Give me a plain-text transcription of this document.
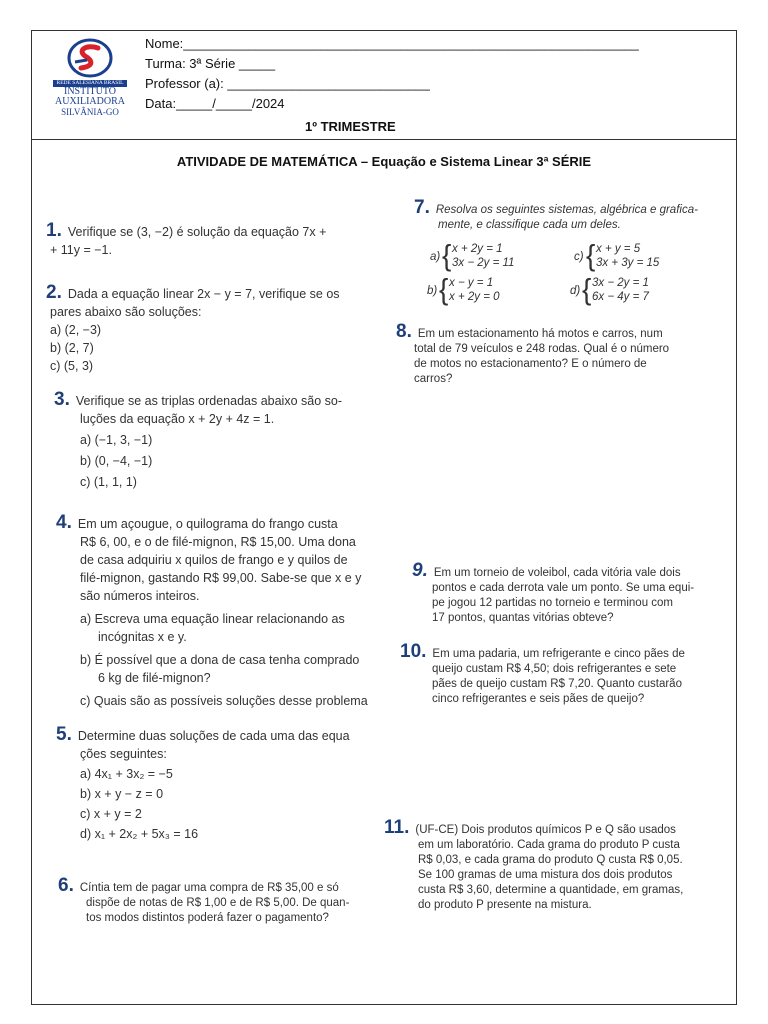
REDE SALESIANA BRASIL
INSTITUTO
AUXILIADORA
SILVÂNIA-GO
Nome:_______________________________________________________________
Turma: 3ª Série _____
Professor (a): ____________________________
Data:_____/_____/2024
1º TRIMESTRE
ATIVIDADE DE MATEMÁTICA – Equação e Sistema Linear 3ª SÉRIE
1. Verifique se (3, −2) é solução da equação 7x +
+ 11y = −1.
2. Dada a equação linear 2x − y = 7, verifique se os
pares abaixo são soluções:
a) (2, −3)
b) (2, 7)
c) (5, 3)
3. Verifique se as triplas ordenadas abaixo são so-
luções da equação x + 2y + 4z = 1.
a) (−1, 3, −1)
b) (0, −4, −1)
c) (1, 1, 1)
4. Em um açougue, o quilograma do frango custa
R$ 6, 00, e o de filé-mignon, R$ 15,00. Uma dona
de casa adquiriu x quilos de frango e y quilos de
filé-mignon, gastando R$ 99,00. Sabe-se que x e y
são números inteiros.
a) Escreva uma equação linear relacionando as
incógnitas x e y.
b) É possível que a dona de casa tenha comprado
6 kg de filé-mignon?
c) Quais são as possíveis soluções desse problema
5. Determine duas soluções de cada uma das equa
ções seguintes:
a) 4x₁ + 3x₂ = −5
b) x + y − z = 0
c) x + y = 2
d) x₁ + 2x₂ + 5x₃ = 16
6. Cíntia tem de pagar uma compra de R$ 35,00 e só
dispõe de notas de R$ 1,00 e de R$ 5,00. De quan-
tos modos distintos poderá fazer o pagamento?
7. Resolva os seguintes sistemas, algébrica e grafica-
mente, e classifique cada um deles.
a) { x + 2y = 1
3x − 2y = 11	c) { x + y = 5
3x + 3y = 15
b) { x − y = 1
x + 2y = 0	d) { 3x − 2y = 1
6x − 4y = 7
8. Em um estacionamento há motos e carros, num
total de 79 veículos e 248 rodas. Qual é o número
de motos no estacionamento? E o número de
carros?
9. Em um torneio de voleibol, cada vitória vale dois
pontos e cada derrota vale um ponto. Se uma equi-
pe jogou 12 partidas no torneio e terminou com
17 pontos, quantas vitórias obteve?
10. Em uma padaria, um refrigerante e cinco pães de
queijo custam R$ 4,50; dois refrigerantes e sete
pães de queijo custam R$ 7,20. Quanto custarão
cinco refrigerantes e seis pães de queijo?
11. (UF-CE) Dois produtos químicos P e Q são usados
em um laboratório. Cada grama do produto P custa
R$ 0,03, e cada grama do produto Q custa R$ 0,05.
Se 100 gramas de uma mistura dos dois produtos
custa R$ 3,60, determine a quantidade, em gramas,
do produto P presente na mistura.
